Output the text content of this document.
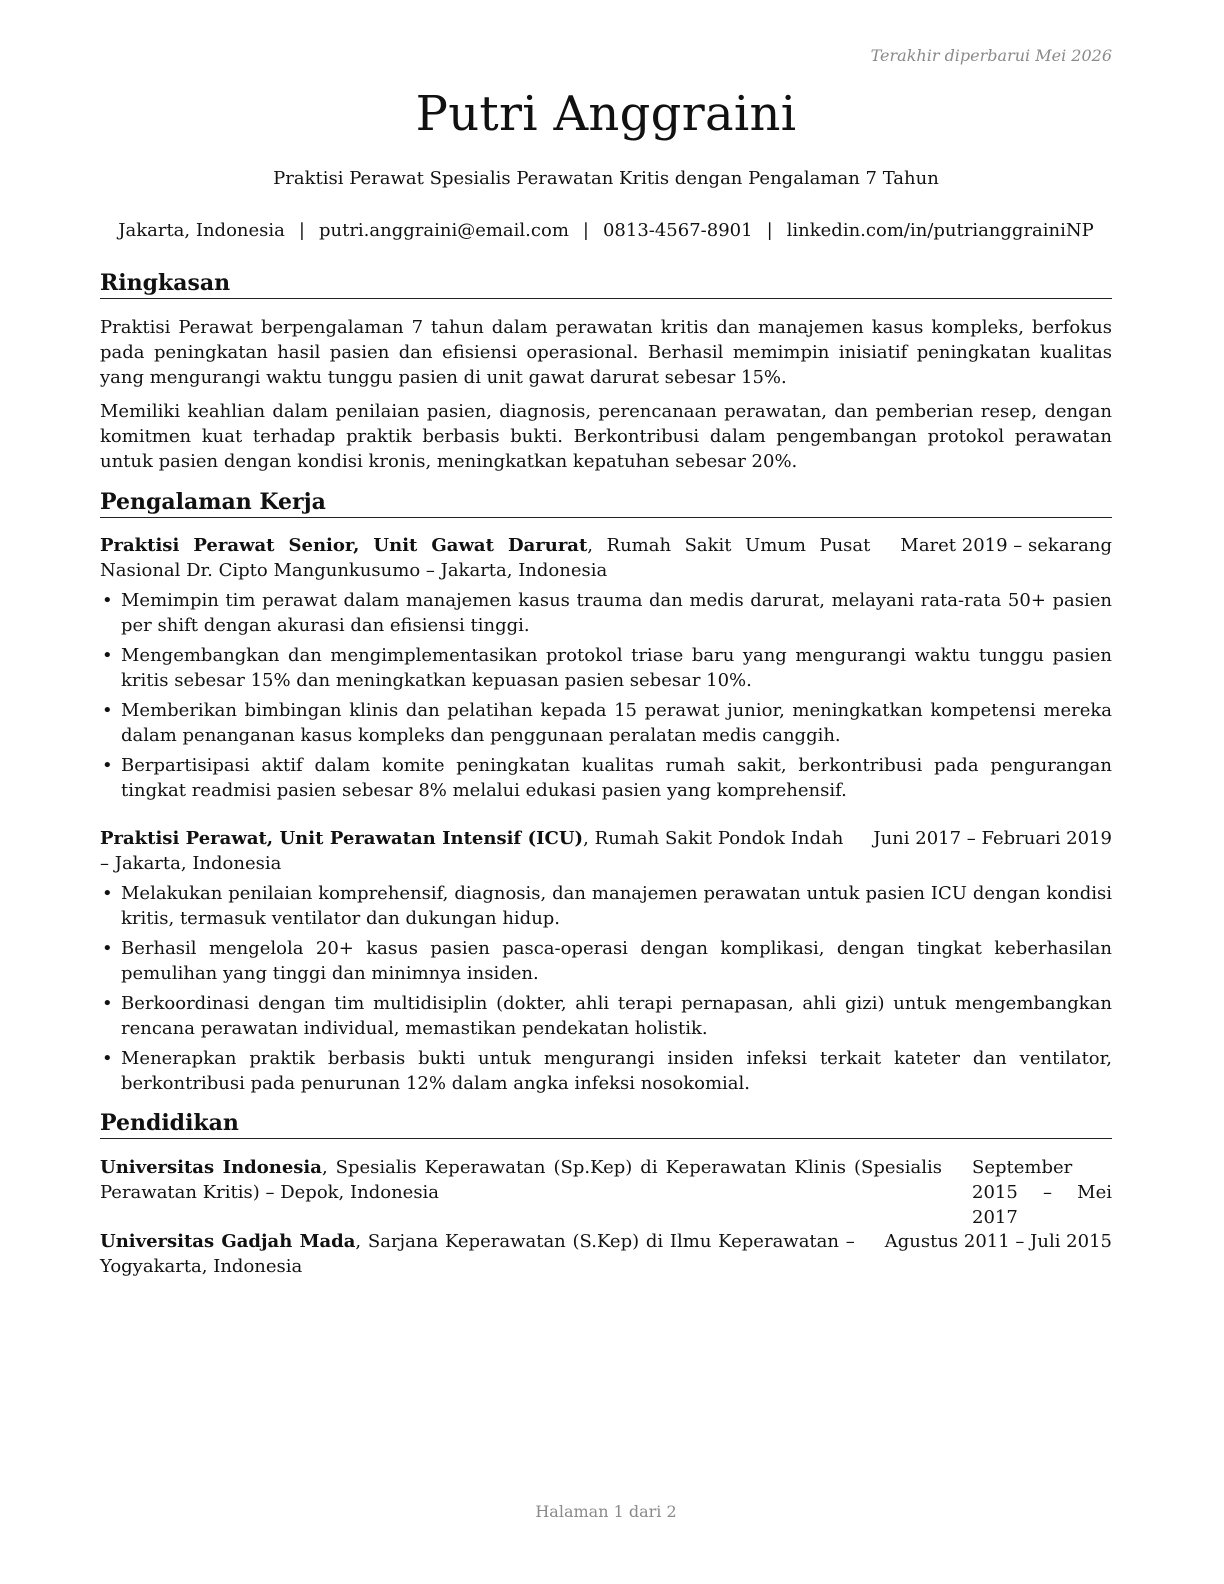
Terakhir diperbarui Mei 2026
Putri Anggraini
Praktisi Perawat Spesialis Perawatan Kritis dengan Pengalaman 7 Tahun
Jakarta, Indonesia | putri.anggraini@email.com | 0813-4567-8901 | linkedin.com/in/putrianggrainiNP
Ringkasan

Praktisi Perawat berpengalaman 7 tahun dalam perawatan kritis dan manajemen kasus kompleks, berfokus pada peningkatan hasil pasien dan efisiensi operasional. Berhasil memimpin inisiatif peningkatan kualitas yang mengurangi waktu tunggu pasien di unit gawat darurat sebesar 15%.

Memiliki keahlian dalam penilaian pasien, diagnosis, perencanaan perawatan, dan pemberian resep, dengan komitmen kuat terhadap praktik berbasis bukti. Berkontribusi dalam pengembangan protokol perawatan untuk pasien dengan kondisi kronis, meningkatkan kepatuhan sebesar 20%.

Pengalaman Kerja
Praktisi Perawat Senior, Unit Gawat Darurat, Rumah Sakit Umum Pusat Nasional Dr. Cipto Mangunkusumo – Jakarta, Indonesia
Maret 2019 – sekarang
• Memimpin tim perawat dalam manajemen kasus trauma dan medis darurat, melayani rata-rata 50+ pasien per shift dengan akurasi dan efisiensi tinggi.
• Mengembangkan dan mengimplementasikan protokol triase baru yang mengurangi waktu tunggu pasien kritis sebesar 15% dan meningkatkan kepuasan pasien sebesar 10%.
• Memberikan bimbingan klinis dan pelatihan kepada 15 perawat junior, meningkatkan kompetensi mereka dalam penanganan kasus kompleks dan penggunaan peralatan medis canggih.
• Berpartisipasi aktif dalam komite peningkatan kualitas rumah sakit, berkontribusi pada pengurangan tingkat readmisi pasien sebesar 8% melalui edukasi pasien yang komprehensif.
Praktisi Perawat, Unit Perawatan Intensif (ICU), Rumah Sakit Pondok Indah – Jakarta, Indonesia
Juni 2017 – Februari 2019
• Melakukan penilaian komprehensif, diagnosis, dan manajemen perawatan untuk pasien ICU dengan kondisi kritis, termasuk ventilator dan dukungan hidup.
• Berhasil mengelola 20+ kasus pasien pasca-operasi dengan komplikasi, dengan tingkat keberhasilan pemulihan yang tinggi dan minimnya insiden.
• Berkoordinasi dengan tim multidisiplin (dokter, ahli terapi pernapasan, ahli gizi) untuk mengembangkan rencana perawatan individual, memastikan pendekatan holistik.
• Menerapkan praktik berbasis bukti untuk mengurangi insiden infeksi terkait kateter dan ventilator, berkontribusi pada penurunan 12% dalam angka infeksi nosokomial.
Pendidikan
Universitas Indonesia, Spesialis Keperawatan (Sp.Kep) di Keperawatan Klinis (Spesialis Perawatan Kritis) – Depok, Indonesia
September 2015 – Mei 2017
Universitas Gadjah Mada, Sarjana Keperawatan (S.Kep) di Ilmu Keperawatan – Yogyakarta, Indonesia
Agustus 2011 – Juli 2015
Halaman 1 dari 2
